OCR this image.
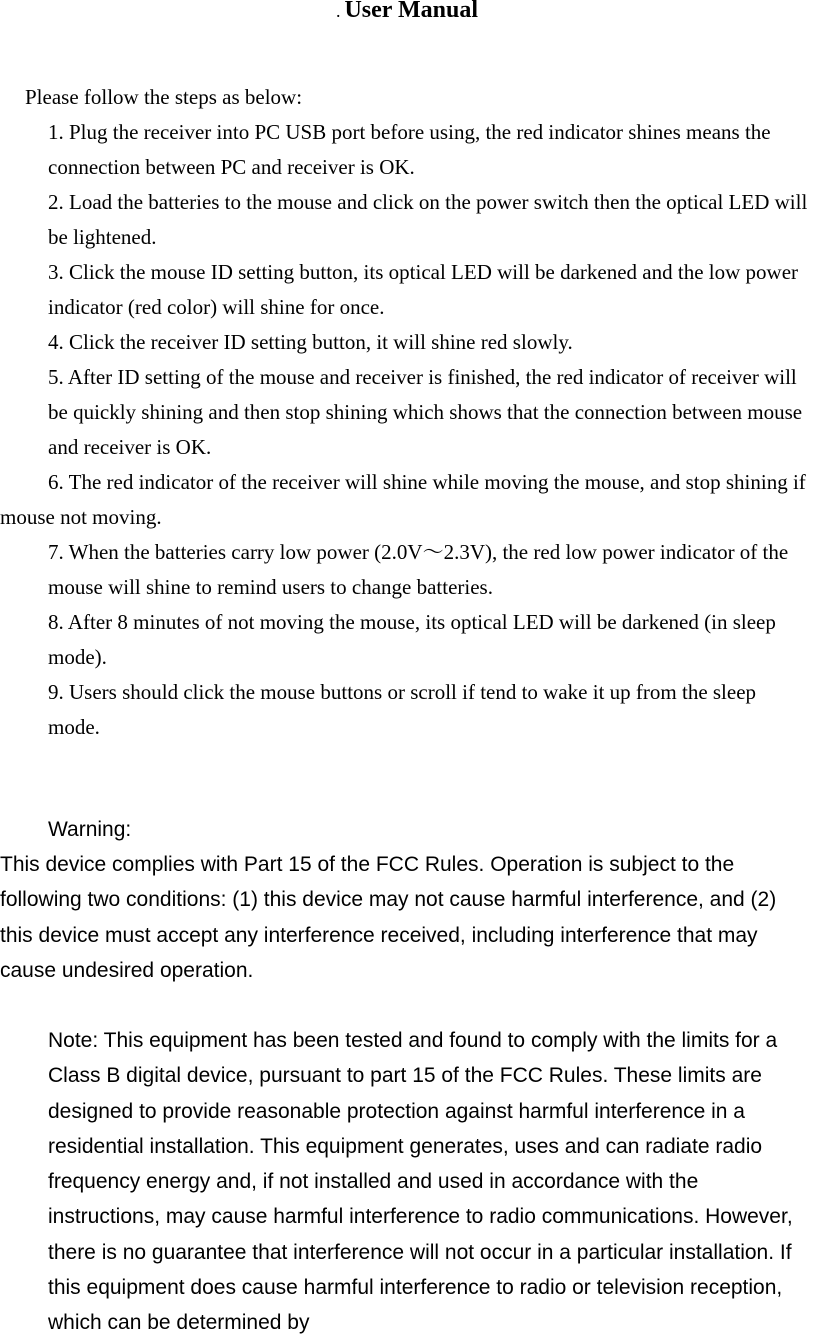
. User Manual
Please follow the steps as below:
1. Plug the receiver into PC USB port before using, the red indicator shines means the connection between PC and receiver is OK.
2. Load the batteries to the mouse and click on the power switch then the optical LED will be lightened.
3. Click the mouse ID setting button, its optical LED will be darkened and the low power indicator (red color) will shine for once.
4. Click the receiver ID setting button, it will shine red slowly.
5. After ID setting of the mouse and receiver is finished, the red indicator of receiver will be quickly shining and then stop shining which shows that the connection between mouse and receiver is OK.
6. The red indicator of the receiver will shine while moving the mouse, and stop shining if mouse not moving.
7. When the batteries carry low power (2.0V～2.3V), the red low power indicator of the mouse will shine to remind users to change batteries.
8. After 8 minutes of not moving the mouse, its optical LED will be darkened (in sleep mode).
9. Users should click the mouse buttons or scroll if tend to wake it up from the sleep mode.
Warning:
This device complies with Part 15 of the FCC Rules. Operation is subject to the following two conditions: (1) this device may not cause harmful interference, and (2) this device must accept any interference received, including interference that may cause undesired operation.
Note: This equipment has been tested and found to comply with the limits for a Class B digital device, pursuant to part 15 of the FCC Rules. These limits are designed to provide reasonable protection against harmful interference in a residential installation. This equipment generates, uses and can radiate radio frequency energy and, if not installed and used in accordance with the instructions, may cause harmful interference to radio communications. However, there is no guarantee that interference will not occur in a particular installation. If this equipment does cause harmful interference to radio or television reception, which can be determined by
